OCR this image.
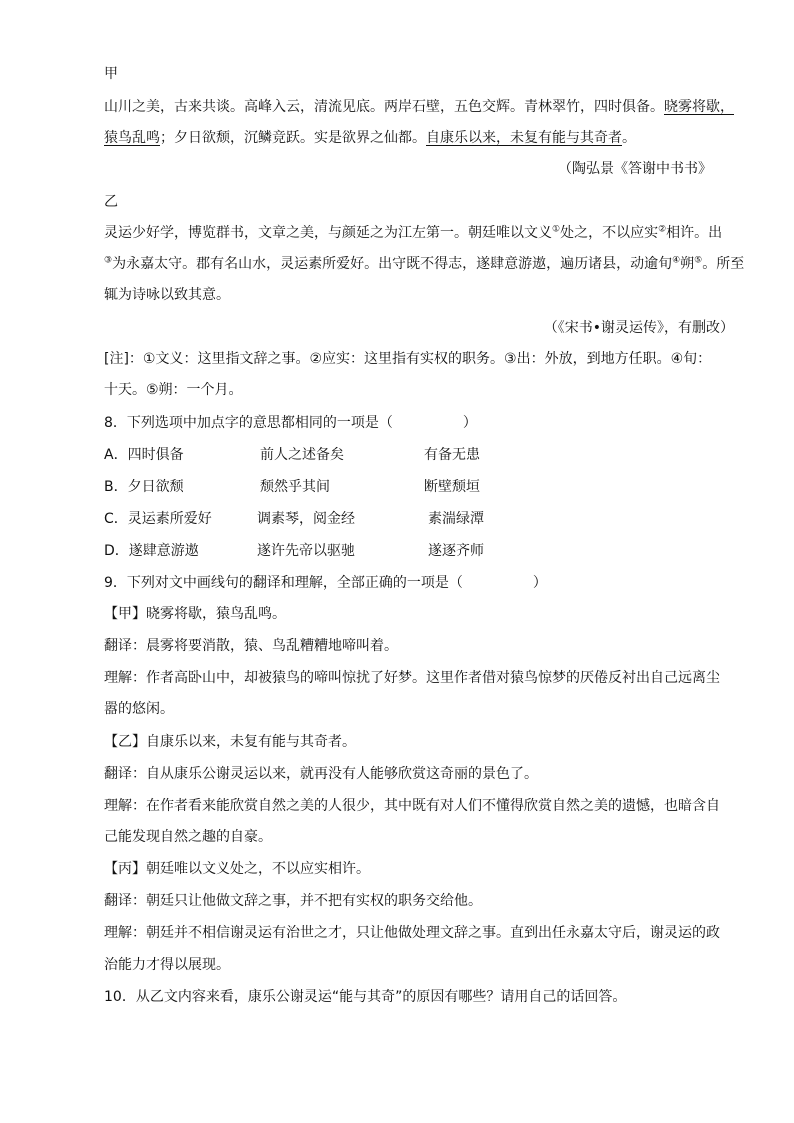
甲
山川之美，古来共谈。高峰入云，清流见底。两岸石壁，五色交辉。青林翠竹，四时俱备。晓雾将歇，
猿鸟乱鸣；夕日欲颓，沉鳞竞跃。实是欲界之仙都。自康乐以来，未复有能与其奇者。
（陶弘景《答谢中书书》
乙
灵运少好学，博览群书，文章之美，与颜延之为江左第一。朝廷唯以文义①处之，不以应实②相许。出
③为永嘉太守。郡有名山水，灵运素所爱好。出守既不得志，遂肆意游遨，遍历诸县，动逾旬④朔⑤。所至
辄为诗咏以致其意。
（《宋书•谢灵运传》，有删改）
[注]：①文义：这里指文辞之事。②应实：这里指有实权的职务。③出：外放，到地方任职。④旬：
十天。⑤朔：一个月。
8．下列选项中加点字的意思都相同的一项是（　　　　　）
A．四时俱备	前人之述备矣	有备无患
B．夕日欲颓	颓然乎其间	断壁颓垣
C．灵运素所爱好	调素琴，阅金经	素湍绿潭
D．遂肆意游遨	遂许先帝以驱驰	遂逐齐师
9．下列对文中画线句的翻译和理解，全部正确的一项是（　　　　　）
【甲】晓雾将歇，猿鸟乱鸣。
翻译：晨雾将要消散，猿、鸟乱糟糟地啼叫着。
理解：作者高卧山中，却被猿鸟的啼叫惊扰了好梦。这里作者借对猿鸟惊梦的厌倦反衬出自己远离尘
嚣的悠闲。
【乙】自康乐以来，未复有能与其奇者。
翻译：自从康乐公谢灵运以来，就再没有人能够欣赏这奇丽的景色了。
理解：在作者看来能欣赏自然之美的人很少，其中既有对人们不懂得欣赏自然之美的遗憾，也暗含自
己能发现自然之趣的自豪。
【丙】朝廷唯以文义处之，不以应实相许。
翻译：朝廷只让他做文辞之事，并不把有实权的职务交给他。
理解：朝廷并不相信谢灵运有治世之才，只让他做处理文辞之事。直到出任永嘉太守后，谢灵运的政
治能力才得以展现。
10．从乙文内容来看，康乐公谢灵运“能与其奇”的原因有哪些？请用自己的话回答。
